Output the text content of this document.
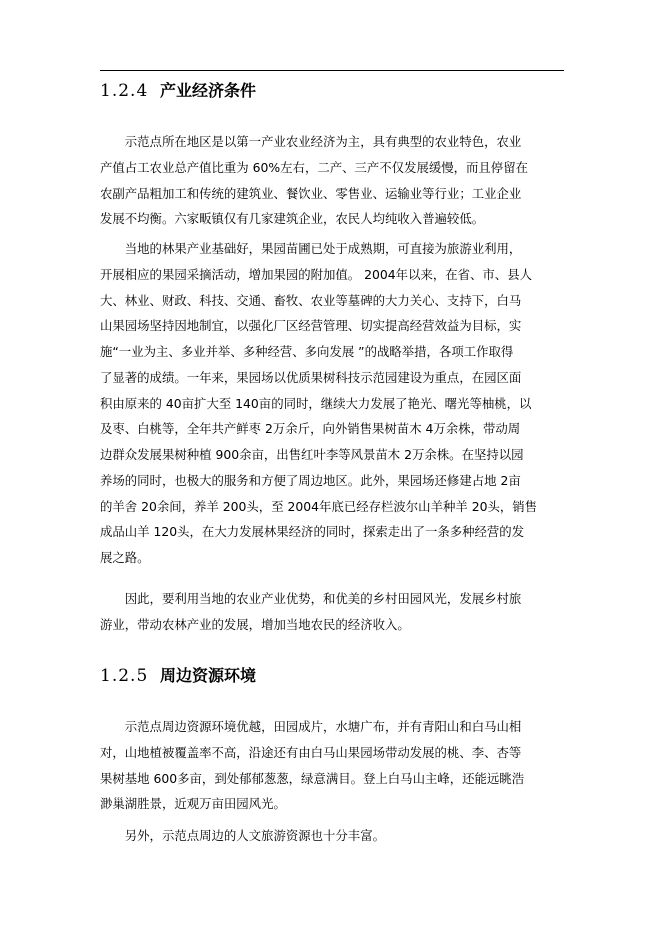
1.2.4 产业经济条件
　　示范点所在地区是以第一产业农业经济为主，具有典型的农业特色，农业
产值占工农业总产值比重为 60%左右，二产、三产不仅发展缓慢，而且停留在
农副产品粗加工和传统的建筑业、餐饮业、零售业、运输业等行业；工业企业
发展不均衡。六家畈镇仅有几家建筑企业，农民人均纯收入普遍较低。
　　当地的林果产业基础好，果园苗圃已处于成熟期，可直接为旅游业利用，
开展相应的果园采摘活动，增加果园的附加值。 2004年以来，在省、市、县人
大、林业、财政、科技、交通、畜牧、农业等墓碑的大力关心、支持下，白马
山果园场坚持因地制宜，以强化厂区经营管理、切实提高经营效益为目标，实
施“一业为主、多业并举、多种经营、多向发展 ”的战略举措，各项工作取得
了显著的成绩。一年来，果园场以优质果树科技示范园建设为重点，在园区面
积由原来的 40亩扩大至 140亩的同时，继续大力发展了艳光、曙光等柚桃，以
及枣、白桃等，全年共产鲜枣 2万余斤，向外销售果树苗木 4万余株，带动周
边群众发展果树种植 900余亩，出售红叶李等风景苗木 2万余株。在坚持以园
养场的同时，也极大的服务和方便了周边地区。此外，果园场还修建占地 2亩
的羊舍 20余间，养羊 200头，至 2004年底已经存栏波尔山羊种羊 20头，销售
成品山羊 120头，在大力发展林果经济的同时，探索走出了一条多种经营的发
展之路。
　　因此，要利用当地的农业产业优势，和优美的乡村田园风光，发展乡村旅
游业，带动农林产业的发展，增加当地农民的经济收入。
1.2.5 周边资源环境
　　示范点周边资源环境优越，田园成片，水塘广布，并有青阳山和白马山相
对，山地植被覆盖率不高，沿途还有由白马山果园场带动发展的桃、李、杏等
果树基地 600多亩，到处郁郁葱葱，绿意满目。登上白马山主峰，还能远眺浩
渺巢湖胜景，近观万亩田园风光。
　　另外，示范点周边的人文旅游资源也十分丰富。
